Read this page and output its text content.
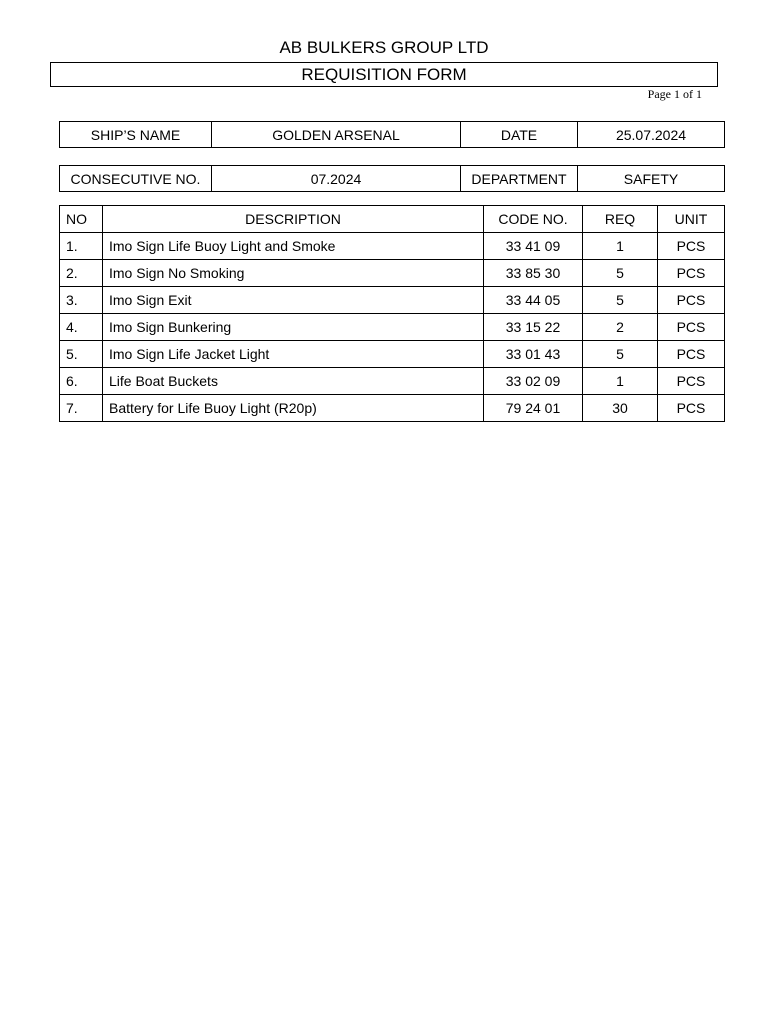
AB BULKERS GROUP LTD
REQUISITION FORM
Page 1 of 1
SHIP’S NAME	GOLDEN ARSENAL	DATE	25.07.2024
CONSECUTIVE NO.	07.2024	DEPARTMENT	SAFETY
NO	DESCRIPTION	CODE NO.	REQ	UNIT
1.	Imo Sign Life Buoy Light and Smoke	33 41 09	1	PCS
2.	Imo Sign No Smoking	33 85 30	5	PCS
3.	Imo Sign Exit	33 44 05	5	PCS
4.	Imo Sign Bunkering	33 15 22	2	PCS
5.	Imo Sign Life Jacket Light	33 01 43	5	PCS
6.	Life Boat Buckets	33 02 09	1	PCS
7.	Battery for Life Buoy Light (R20p)	79 24 01	30	PCS
